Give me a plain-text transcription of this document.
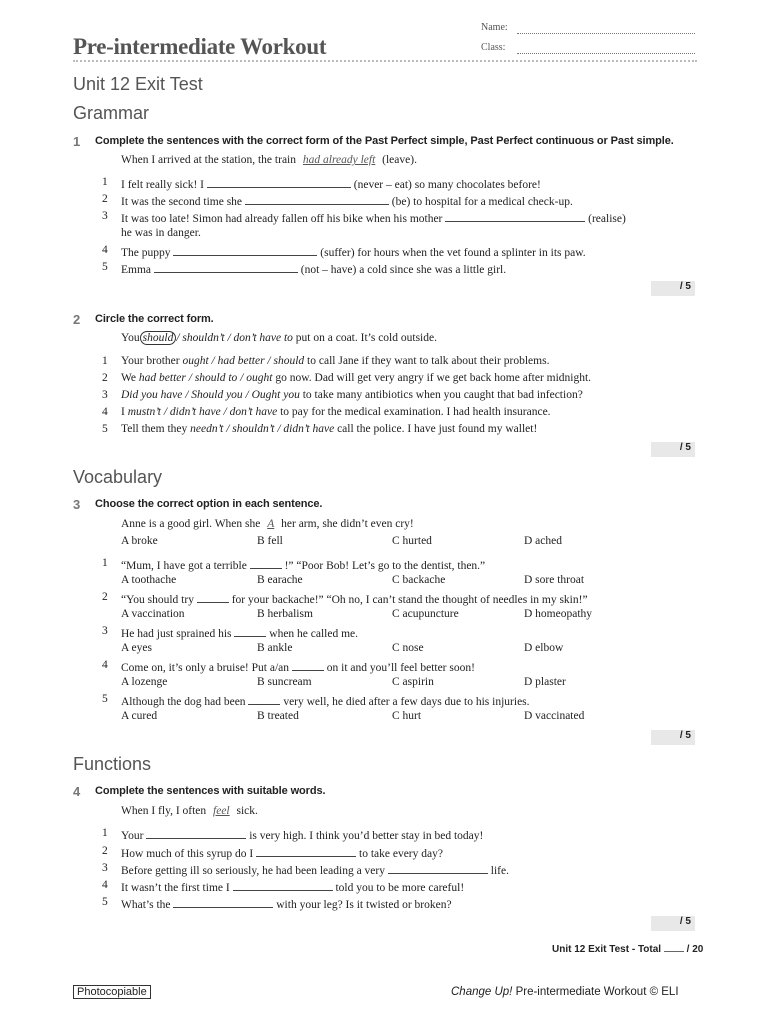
Pre-intermediate Workout
Name:
Class:
Unit 12 Exit Test
Grammar
1 Complete the sentences with the correct form of the Past Perfect simple, Past Perfect continuous or Past simple.
When I arrived at the station, the train had already left (leave).
1 I felt really sick! I	(never – eat) so many chocolates before!
2 It was the second time she	(be) to hospital for a medical check-up.
3 It was too late! Simon had already fallen off his bike when his mother	(realise)
he was in danger.
4 The puppy	(suffer) for hours when the vet found a splinter in its paw.
5 Emma	(not – have) a cold since she was a little girl.
/ 5
2 Circle the correct form.
You should / shouldn’t / don’t have to put on a coat. It’s cold outside.
1 Your brother ought / had better / should to call Jane if they want to talk about their problems.
2 We had better / should to / ought go now. Dad will get very angry if we get back home after midnight.
3 Did you have / Should you / Ought you to take many antibiotics when you caught that bad infection?
4 I mustn’t / didn’t have / don’t have to pay for the medical examination. I had health insurance.
5 Tell them they needn’t / shouldn’t / didn’t have call the police. I have just found my wallet!
/ 5
Vocabulary
3 Choose the correct option in each sentence.
Anne is a good girl. When she A her arm, she didn’t even cry!
A broke	B fell	C hurted	D ached
1 “Mum, I have got a terrible	!” “Poor Bob! Let’s go to the dentist, then.”
A toothache	B earache	C backache	D sore throat
2 “You should try	for your backache!” “Oh no, I can’t stand the thought of needles in my skin!”
A vaccination	B herbalism	C acupuncture	D homeopathy
3 He had just sprained his	when he called me.
A eyes	B ankle	C nose	D elbow
4 Come on, it’s only a bruise! Put a/an	on it and you’ll feel better soon!
A lozenge	B suncream	C aspirin	D plaster
5 Although the dog had been	very well, he died after a few days due to his injuries.
A cured	B treated	C hurt	D vaccinated
/ 5
Functions
4 Complete the sentences with suitable words.
When I fly, I often feel sick.
1 Your	is very high. I think you’d better stay in bed today!
2 How much of this syrup do I	to take every day?
3 Before getting ill so seriously, he had been leading a very	life.
4 It wasn’t the first time I	told you to be more careful!
5 What’s the	with your leg? Is it twisted or broken?
/ 5
Unit 12 Exit Test - Total	/ 20
Photocopiable	Change Up! Pre-intermediate Workout © ELI
